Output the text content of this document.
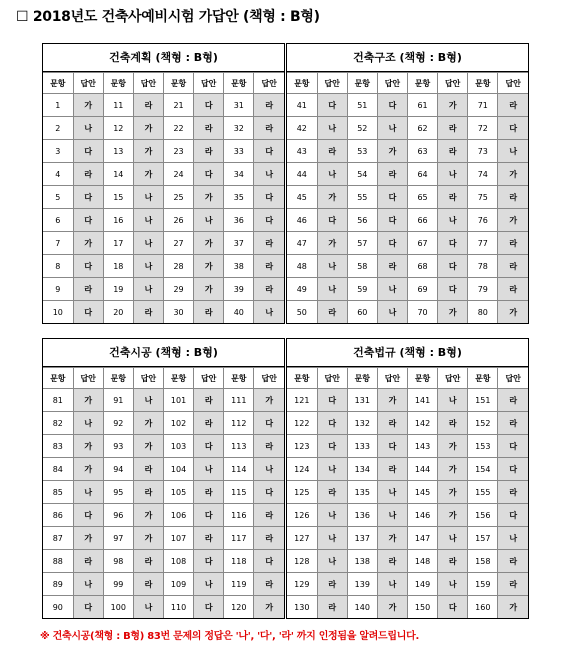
☐ 2018년도 건축사예비시험 가답안 (책형 : B형)
건축계획 (책형 : B형)
문항	답안	문항	답안	문항	답안	문항	답안
1	가	11	라	21	다	31	라
2	나	12	가	22	라	32	라
3	다	13	가	23	라	33	다
4	라	14	가	24	다	34	나
5	다	15	나	25	가	35	다
6	다	16	나	26	나	36	다
7	가	17	나	27	가	37	라
8	다	18	나	28	가	38	라
9	라	19	나	29	가	39	라
10	다	20	라	30	라	40	나
건축구조 (책형 : B형)
문항	답안	문항	답안	문항	답안	문항	답안
41	다	51	다	61	가	71	라
42	나	52	나	62	라	72	다
43	라	53	가	63	라	73	나
44	나	54	라	64	나	74	가
45	가	55	다	65	라	75	라
46	다	56	다	66	나	76	가
47	가	57	다	67	다	77	라
48	나	58	라	68	다	78	라
49	나	59	나	69	다	79	라
50	라	60	나	70	가	80	가
건축시공 (책형 : B형)
문항	답안	문항	답안	문항	답안	문항	답안
81	가	91	나	101	라	111	가
82	나	92	가	102	라	112	다
83	가	93	가	103	다	113	라
84	가	94	라	104	나	114	나
85	나	95	라	105	라	115	다
86	다	96	가	106	다	116	라
87	가	97	가	107	라	117	라
88	라	98	라	108	다	118	다
89	나	99	라	109	나	119	라
90	다	100	나	110	다	120	가
건축법규 (책형 : B형)
문항	답안	문항	답안	문항	답안	문항	답안
121	다	131	가	141	나	151	라
122	다	132	라	142	라	152	라
123	다	133	다	143	가	153	다
124	나	134	라	144	가	154	다
125	라	135	나	145	가	155	라
126	나	136	나	146	가	156	다
127	나	137	가	147	나	157	나
128	나	138	라	148	라	158	라
129	라	139	나	149	나	159	라
130	라	140	가	150	다	160	가
※ 건축시공(책형 : B형) 83번 문제의 정답은 '나', '다', '라' 까지 인정됨을 알려드립니다.
